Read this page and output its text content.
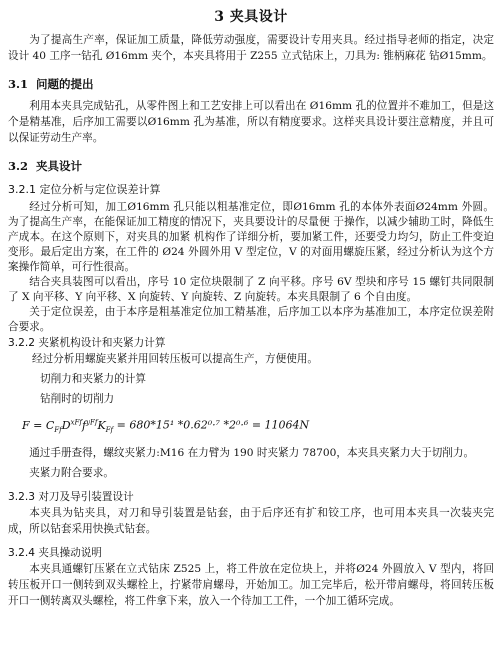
3 夹具设计

为了提高生产率，保证加工质量，降低劳动强度，需要设计专用夹具。经过指导老师的指定，决定设计 40 工序一钻孔 Ø16mm 夹个，本夹具将用于 Z255 立式钻床上，刀具为: 锥柄麻花 钻Ø15mm。

3.1 问题的提出

利用本夹具完成钻孔，从零件图上和工艺安排上可以看出在 Ø16mm 孔的位置并不难加工，但是这个是精基准，后序加工需要以Ø16mm 孔为基准，所以有精度要求。这样夹具设计要注意精度，并且可以保证劳动生产率。

3.2 夹具设计
3.2.1 定位分析与定位误差计算

经过分析可知，加工Ø16mm 孔只能以粗基准定位，即Ø16mm 孔的本体外表面Ø24mm 外圆。为了提高生产率，在能保证加工精度的情况下，夹具要设计的尽量便 于操作，以减少辅助工时，降低生产成本。在这个原则下，对夹具的加紧 机构作了详细分析，要加紧工件，还要受力均匀，防止工件变迫变形。最后定出方案，在工件的 Ø24 外圆外用 V 型定位，V 的对面用螺旋压紧，经过分析认为这个方案操作简单，可行性很高。

结合夹具装图可以看出，序号 10 定位块限制了 Z 向平移。序号 6V 型块和序号 15 螺钉共同限制了 X 向平移、Y 向平移、X 向旋转、Y 向旋转、Z 向旋转。本夹具限制了 6 个自由度。

关于定位误差，由于本序是粗基准定位加工精基准，后序加工以本序为基准加工，本序定位误差附合要求。

3.2.2 夹紧机构设计和夹紧力计算
经过分析用螺旋夹紧并用回转压板可以提高生产，方便使用。
切削力和夹紧力的计算
钻削时的切削力
$F = C_{Ff}D^{xFf}f^{yFf}K_{Ff} = 680*15^1$ *0.62⁰·⁷ *2⁰·⁶ = 11064N

通过手册查得，螺纹夹紧力:M16 在力臂为 190 时夹紧力 78700，本夹具夹紧力大于切削力。

夹紧力附合要求。

3.2.3 对刀及导引装置设计

本夹具为钻夹具，对刀和导引装置是钻套，由于后序还有扩和铰工序，也可用本夹具一次装夹完成，所以钻套采用快换式钻套。

3.2.4 夹具操动说明

本夹具通螺钉压紧在立式钻床 Z525 上，将工件放在定位块上，并将Ø24 外圆放入 V 型内，将回转压板开口一侧转到双头螺栓上，拧紧带肩螺母，开始加工。加工完毕后，松开带肩螺母，将回转压板开口一侧转离双头螺栓，将工件拿下来，放入一个待加工工件，一个加工循环完成。
